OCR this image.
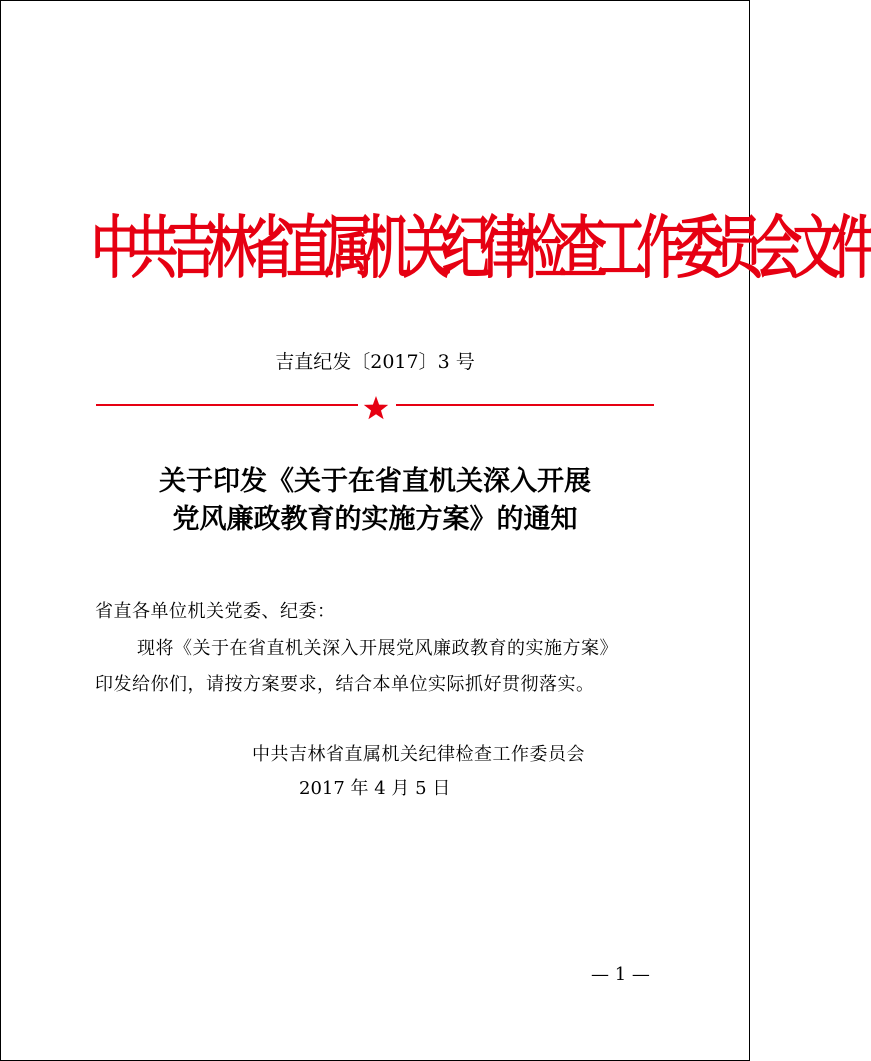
中共吉林省直属机关纪律检查工作委员会文件
吉直纪发〔2017〕3 号
关于印发《关于在省直机关深入开展
党风廉政教育的实施方案》的通知
省直各单位机关党委、纪委：
现将《关于在省直机关深入开展党风廉政教育的实施方案》
印发给你们，请按方案要求，结合本单位实际抓好贯彻落实。
中共吉林省直属机关纪律检查工作委员会
2017 年 4 月 5 日
— 1 —
